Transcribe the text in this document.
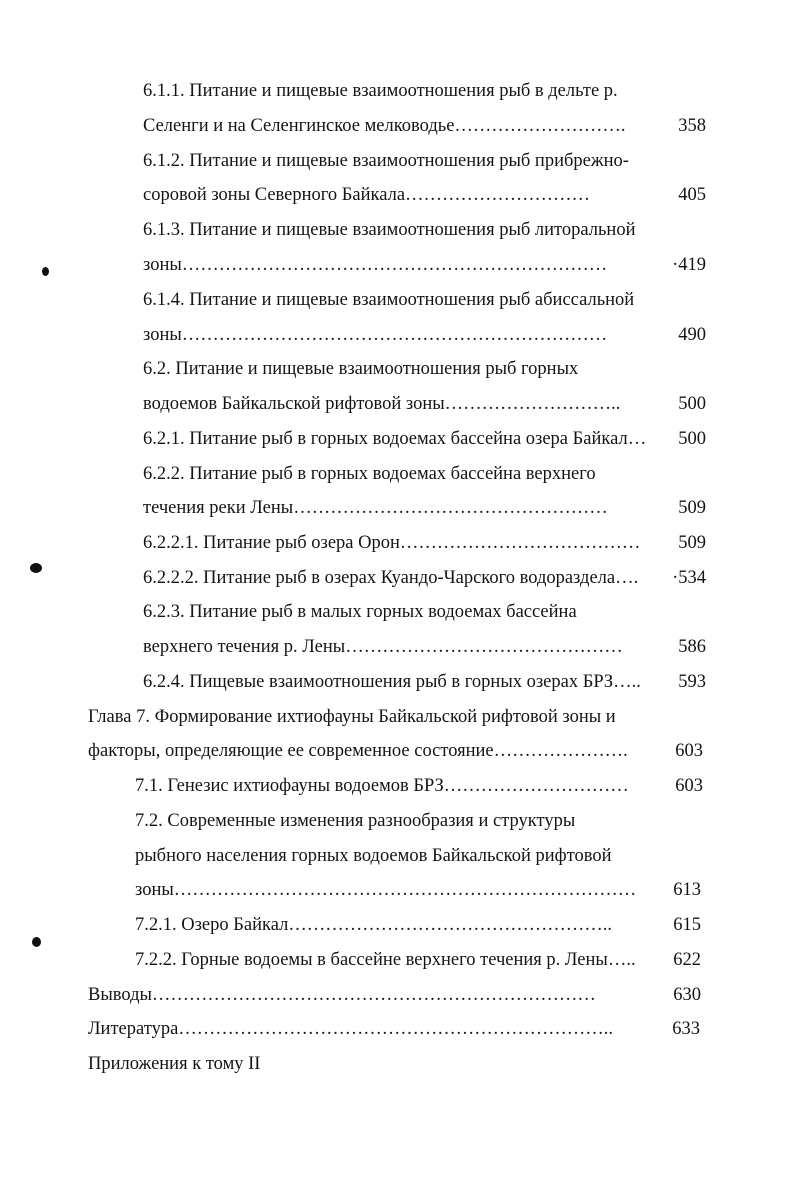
6.1.1. Питание и пищевые взаимоотношения рыб в дельте р.
Селенги и на Селенгинское мелководье……………………….	358
6.1.2. Питание и пищевые взаимоотношения рыб прибрежно-
соровой зоны Северного Байкала…………………………	405
6.1.3. Питание и пищевые взаимоотношения рыб литоральной
зоны……………………………………………………………	·419
6.1.4. Питание и пищевые взаимоотношения рыб абиссальной
зоны……………………………………………………………	490
6.2. Питание и пищевые взаимоотношения рыб горных
водоемов Байкальской рифтовой зоны………………………..	500
6.2.1. Питание рыб в горных водоемах бассейна озера Байкал…	500
6.2.2. Питание рыб в горных водоемах бассейна верхнего
течения реки Лены……………………………………………	509
6.2.2.1. Питание рыб озера Орон…………………………………	509
6.2.2.2. Питание рыб в озерах Куандо-Чарского водораздела….	·534
6.2.3. Питание рыб в малых горных водоемах бассейна
верхнего течения р. Лены………………………………………	586
6.2.4. Пищевые взаимоотношения рыб в горных озерах БРЗ…..	593
Глава 7. Формирование ихтиофауны Байкальской рифтовой зоны и
факторы, определяющие ее современное состояние………………….	603
7.1. Генезис ихтиофауны водоемов БРЗ…………………………	603
7.2. Современные изменения разнообразия и структуры
рыбного населения горных водоемов Байкальской рифтовой
зоны…………………………………………………………………	613
7.2.1. Озеро Байкал……………………………………………..	615
7.2.2. Горные водоемы в бассейне верхнего течения р. Лены…..	622
Выводы………………………………………………………………	630
Литература……………………………………………………………..	633
Приложения к тому II
